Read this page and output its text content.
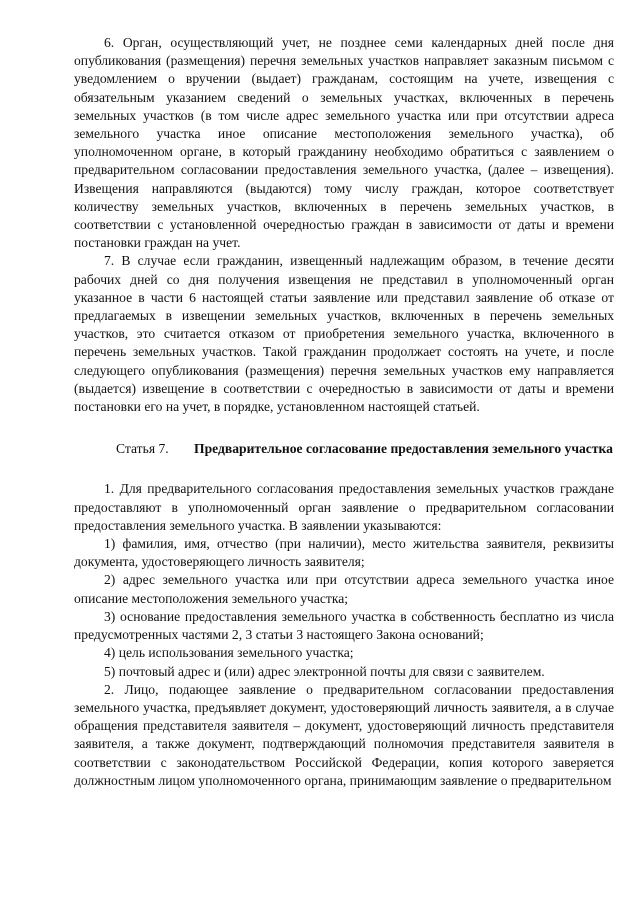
6. Орган, осуществляющий учет, не позднее семи календарных дней после дня опубликования (размещения) перечня земельных участков направляет заказным письмом с уведомлением о вручении (выдает) гражданам, состоящим на учете, извещения с обязательным указанием сведений о земельных участках, включенных в перечень земельных участков (в том числе адрес земельного участка или при отсутствии адреса земельного участка иное описание местоположения земельного участка), об уполномоченном органе, в который гражданину необходимо обратиться с заявлением о предварительном согласовании предоставления земельного участка, (далее – извещения). Извещения направляются (выдаются) тому числу граждан, которое соответствует количеству земельных участков, включенных в перечень земельных участков, в соответствии с установленной очередностью граждан в зависимости от даты и времени постановки граждан на учет.

7. В случае если гражданин, извещенный надлежащим образом, в течение десяти рабочих дней со дня получения извещения не представил в уполномоченный орган указанное в части 6 настоящей статьи заявление или представил заявление об отказе от предлагаемых в извещении земельных участков, включенных в перечень земельных участков, это считается отказом от приобретения земельного участка, включенного в перечень земельных участков. Такой гражданин продолжает состоять на учете, и после следующего опубликования (размещения) перечня земельных участков ему направляется (выдается) извещение в соответствии с очередностью в зависимости от даты и времени постановки его на учет, в порядке, установленном настоящей статьей.

Статья 7.	Предварительное согласование предоставления земельного участка

1. Для предварительного согласования предоставления земельных участков граждане предоставляют в уполномоченный орган заявление о предварительном согласовании предоставления земельного участка. В заявлении указываются:

1) фамилия, имя, отчество (при наличии), место жительства заявителя, реквизиты документа, удостоверяющего личность заявителя;

2) адрес земельного участка или при отсутствии адреса земельного участка иное описание местоположения земельного участка;

3) основание предоставления земельного участка в собственность бесплатно из числа предусмотренных частями 2, 3 статьи 3 настоящего Закона оснований;

4) цель использования земельного участка;

5) почтовый адрес и (или) адрес электронной почты для связи с заявителем.

2. Лицо, подающее заявление о предварительном согласовании предоставления земельного участка, предъявляет документ, удостоверяющий личность заявителя, а в случае обращения представителя заявителя – документ, удостоверяющий личность представителя заявителя, а также документ, подтверждающий полномочия представителя заявителя в соответствии с законодательством Российской Федерации, копия которого заверяется должностным лицом уполномоченного органа, принимающим заявление о предварительном
